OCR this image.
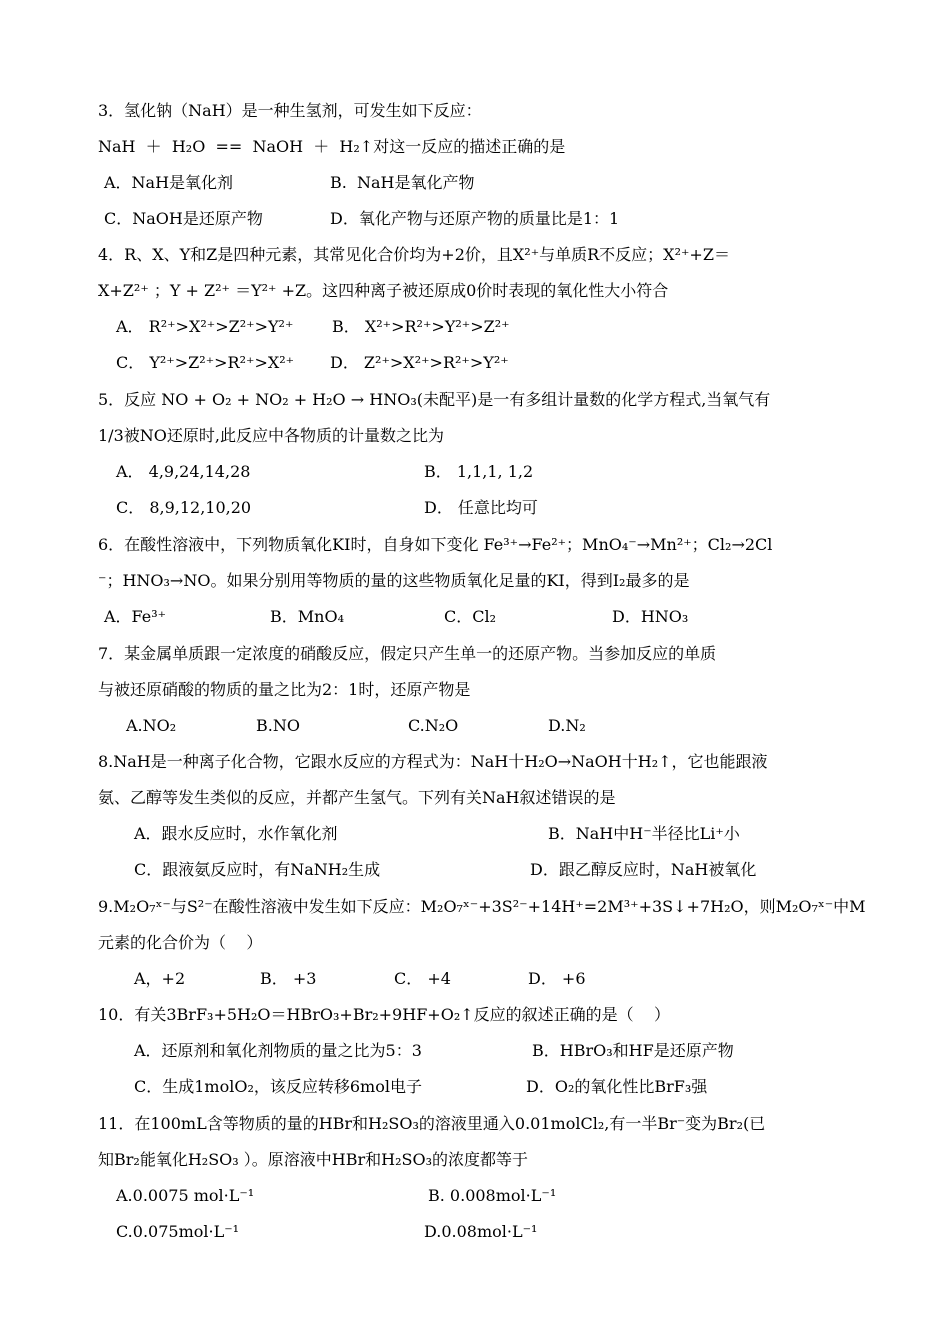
3．氢化钠（NaH）是一种生氢剂，可发生如下反应：
NaH  ＋  H₂O  ==  NaOH  ＋  H₂↑对这一反应的描述正确的是
A．NaH是氧化剂	B.  NaH是氧化产物
C．NaOH是还原产物	D．氧化产物与还原产物的质量比是1：1
4．R、X、Y和Z是四种元素，其常见化合价均为+2价，且X²⁺与单质R不反应；X²⁺+Z＝
X+Z²⁺ ；Y + Z²⁺ ＝Y²⁺ +Z。这四种离子被还原成0价时表现的氧化性大小符合
A． R²⁺>X²⁺>Z²⁺>Y²⁺ B． X²⁺>R²⁺>Y²⁺>Z²⁺
C． Y²⁺>Z²⁺>R²⁺>X²⁺ D． Z²⁺>X²⁺>R²⁺>Y²⁺
5．反应 NO + O₂ + NO₂ + H₂O → HNO₃(未配平)是一有多组计量数的化学方程式,当氧气有
1/3被NO还原时,此反应中各物质的计量数之比为
A． 4,9,24,14,28	B． 1,1,1, 1,2
C． 8,9,12,10,20	D． 任意比均可
6．在酸性溶液中，下列物质氧化KI时，自身如下变化 Fe³⁺→Fe²⁺；MnO₄⁻→Mn²⁺；Cl₂→2Cl
⁻；HNO₃→NO。如果分别用等物质的量的这些物质氧化足量的KI，得到I₂最多的是
A．Fe³⁺	B．MnO₄	C．Cl₂	D．HNO₃
7．某金属单质跟一定浓度的硝酸反应，假定只产生单一的还原产物。当参加反应的单质
与被还原硝酸的物质的量之比为2：1时，还原产物是
A.NO₂	B.NO	C.N₂O	D.N₂
8.NaH是一种离子化合物，它跟水反应的方程式为：NaH十H₂O→NaOH十H₂↑，它也能跟液
氨、乙醇等发生类似的反应，并都产生氢气。下列有关NaH叙述错误的是
A．跟水反应时，水作氧化剂	B．NaH中H⁻半径比Li⁺小
C．跟液氨反应时，有NaNH₂生成	D．跟乙醇反应时，NaH被氧化
9.M₂O₇ˣ⁻与S²⁻在酸性溶液中发生如下反应：M₂O₇ˣ⁻+3S²⁻+14H⁺=2M³⁺+3S↓+7H₂O，则M₂O₇ˣ⁻中M
元素的化合价为（    ）
A，+2	B． +3	C． +4	D． +6
10．有关3BrF₃+5H₂O＝HBrO₃+Br₂+9HF+O₂↑反应的叙述正确的是（    ）
A．还原剂和氧化剂物质的量之比为5：3	B．HBrO₃和HF是还原产物
C．生成1molO₂，该反应转移6mol电子	D．O₂的氧化性比BrF₃强
11．在100mL含等物质的量的HBr和H₂SO₃的溶液里通入0.01molCl₂,有一半Br⁻变为Br₂(已
知Br₂能氧化H₂SO₃ ）。原溶液中HBr和H₂SO₃的浓度都等于
A.0.0075 mol·L⁻¹	B. 0.008mol·L⁻¹
C.0.075mol·L⁻¹	D.0.08mol·L⁻¹
